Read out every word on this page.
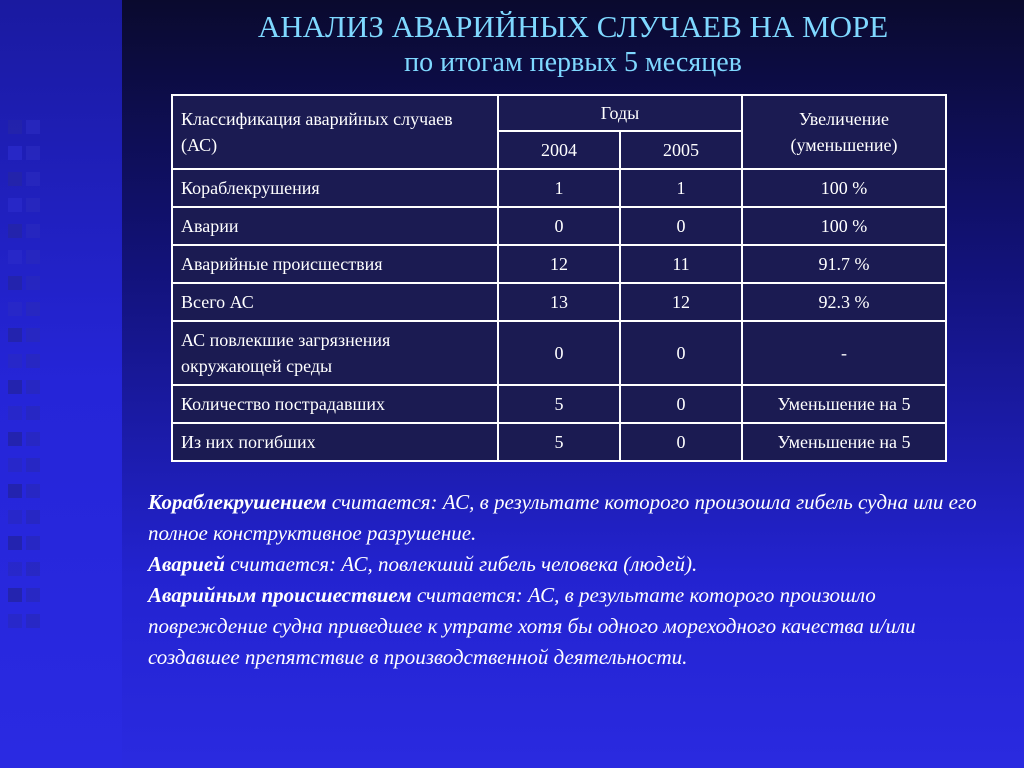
АНАЛИЗ АВАРИЙНЫХ СЛУЧАЕВ НА МОРЕ
по итогам первых 5 месяцев
Классификация аварийных случаев (АС)	Годы		Увеличение (уменьшение)
	2004	2005	
Кораблекрушения	1	1	100 %
Аварии	0	0	100 %
Аварийные происшествия	12	11	91.7 %
Всего АС	13	12	92.3 %
АС повлекшие загрязнения окружающей среды	0	0	-
Количество пострадавших	5	0	Уменьшение на 5
Из них погибших	5	0	Уменьшение на 5
Кораблекрушением считается: АС, в результате которого произошла гибель судна или его полное конструктивное разрушение.
Аварией считается: АС, повлекший гибель человека (людей).
Аварийным происшествием считается: АС, в результате которого произошло повреждение судна приведшее к утрате хотя бы одного мореходного качества и/или создавшее препятствие в производственной деятельности.
